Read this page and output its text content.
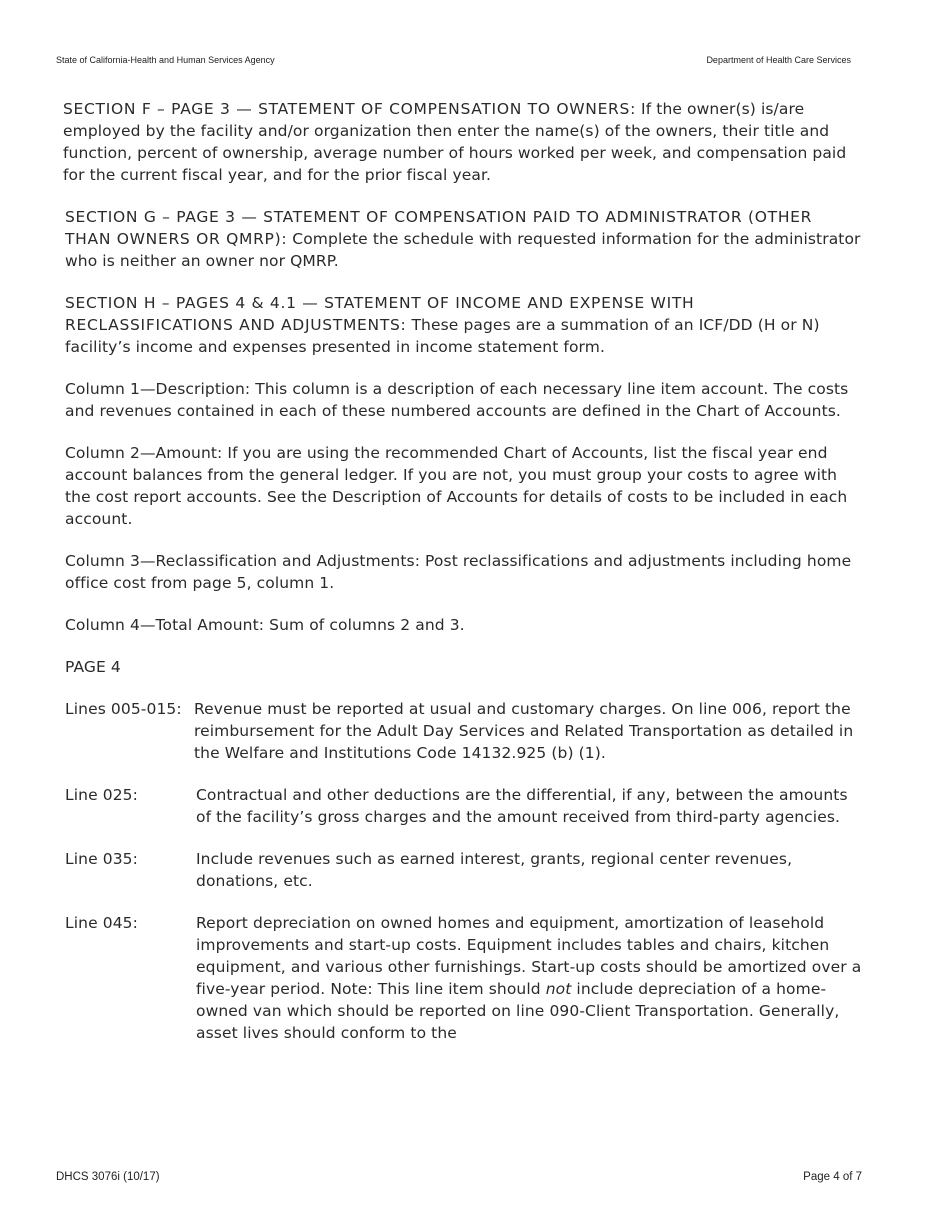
State of California-Health and Human Services Agency	Department of Health Care Services

SECTION F – PAGE 3 — STATEMENT OF COMPENSATION TO OWNERS: If the owner(s) is/are employed by the facility and/or organization then enter the name(s) of the owners, their title and function, percent of ownership, average number of hours worked per week, and compensation paid for the current fiscal year, and for the prior fiscal year.

SECTION G – PAGE 3 — STATEMENT OF COMPENSATION PAID TO ADMINISTRATOR (OTHER THAN OWNERS OR QMRP): Complete the schedule with requested information for the administrator who is neither an owner nor QMRP.

SECTION H – PAGES 4 & 4.1 — STATEMENT OF INCOME AND EXPENSE WITH RECLASSIFICATIONS AND ADJUSTMENTS: These pages are a summation of an ICF/DD (H or N) facility’s income and expenses presented in income statement form.

Column 1—Description: This column is a description of each necessary line item account. The costs and revenues contained in each of these numbered accounts are defined in the Chart of Accounts.

Column 2—Amount: If you are using the recommended Chart of Accounts, list the fiscal year end account balances from the general ledger. If you are not, you must group your costs to agree with the cost report accounts. See the Description of Accounts for details of costs to be included in each account.

Column 3—Reclassification and Adjustments: Post reclassifications and adjustments including home office cost from page 5, column 1.

Column 4—Total Amount: Sum of columns 2 and 3.

PAGE 4
Lines 005-015: Revenue must be reported at usual and customary charges. On line 006, report the reimbursement for the Adult Day Services and Related Transportation as detailed in the Welfare and Institutions Code 14132.925 (b) (1).
Line 025:	Contractual and other deductions are the differential, if any, between the amounts of the facility’s gross charges and the amount received from third-party agencies.
Line 035:	Include revenues such as earned interest, grants, regional center revenues, donations, etc.
Line 045:	Report depreciation on owned homes and equipment, amortization of leasehold improvements and start-up costs. Equipment includes tables and chairs, kitchen equipment, and various other furnishings. Start-up costs should be amortized over a five-year period. Note: This line item should not include depreciation of a home-owned van which should be reported on line 090-Client Transportation. Generally, asset lives should conform to the
DHCS 3076i (10/17)	Page 4 of 7
